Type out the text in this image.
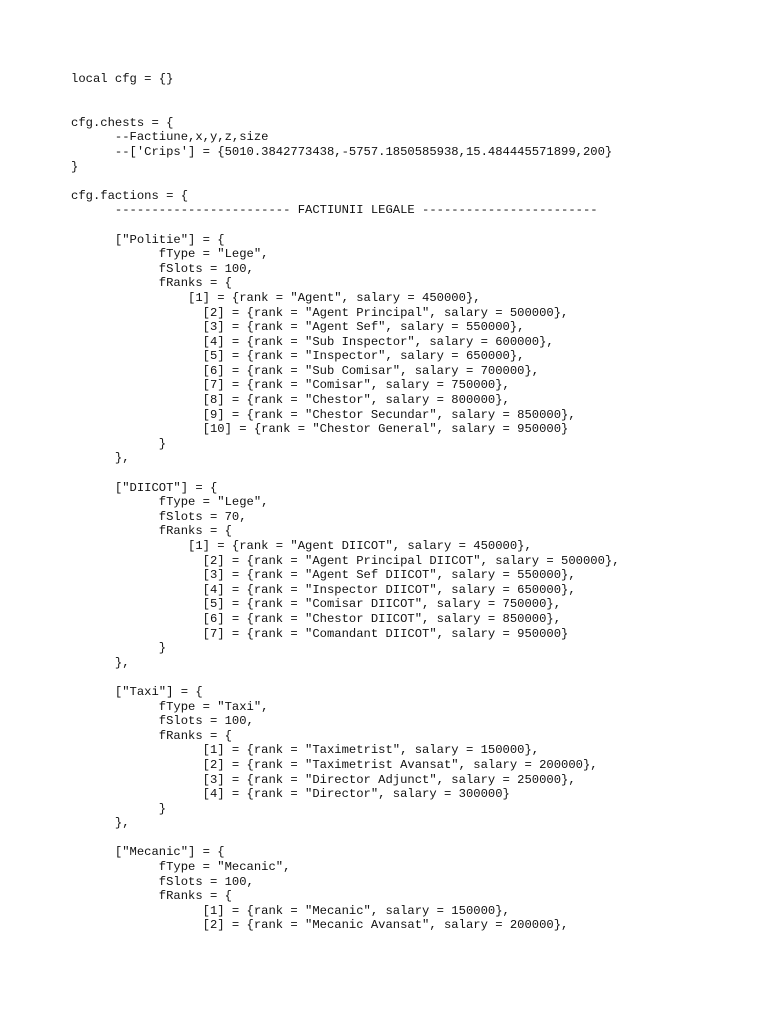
local cfg = {}
cfg.chests = {
--Factiune,x,y,z,size
--['Crips'] = {5010.3842773438,-5757.1850585938,15.484445571899,200}
}
cfg.factions = {
------------------------ FACTIUNII LEGALE ------------------------
["Politie"] = {
fType = "Lege",
fSlots = 100,
fRanks = {
[1] = {rank = "Agent", salary = 450000},
[2] = {rank = "Agent Principal", salary = 500000},
[3] = {rank = "Agent Sef", salary = 550000},
[4] = {rank = "Sub Inspector", salary = 600000},
[5] = {rank = "Inspector", salary = 650000},
[6] = {rank = "Sub Comisar", salary = 700000},
[7] = {rank = "Comisar", salary = 750000},
[8] = {rank = "Chestor", salary = 800000},
[9] = {rank = "Chestor Secundar", salary = 850000},
[10] = {rank = "Chestor General", salary = 950000}
}
},
["DIICOT"] = {
fType = "Lege",
fSlots = 70,
fRanks = {
[1] = {rank = "Agent DIICOT", salary = 450000},
[2] = {rank = "Agent Principal DIICOT", salary = 500000},
[3] = {rank = "Agent Sef DIICOT", salary = 550000},
[4] = {rank = "Inspector DIICOT", salary = 650000},
[5] = {rank = "Comisar DIICOT", salary = 750000},
[6] = {rank = "Chestor DIICOT", salary = 850000},
[7] = {rank = "Comandant DIICOT", salary = 950000}
}
},
["Taxi"] = {
fType = "Taxi",
fSlots = 100,
fRanks = {
[1] = {rank = "Taximetrist", salary = 150000},
[2] = {rank = "Taximetrist Avansat", salary = 200000},
[3] = {rank = "Director Adjunct", salary = 250000},
[4] = {rank = "Director", salary = 300000}
}
},
["Mecanic"] = {
fType = "Mecanic",
fSlots = 100,
fRanks = {
[1] = {rank = "Mecanic", salary = 150000},
[2] = {rank = "Mecanic Avansat", salary = 200000},
